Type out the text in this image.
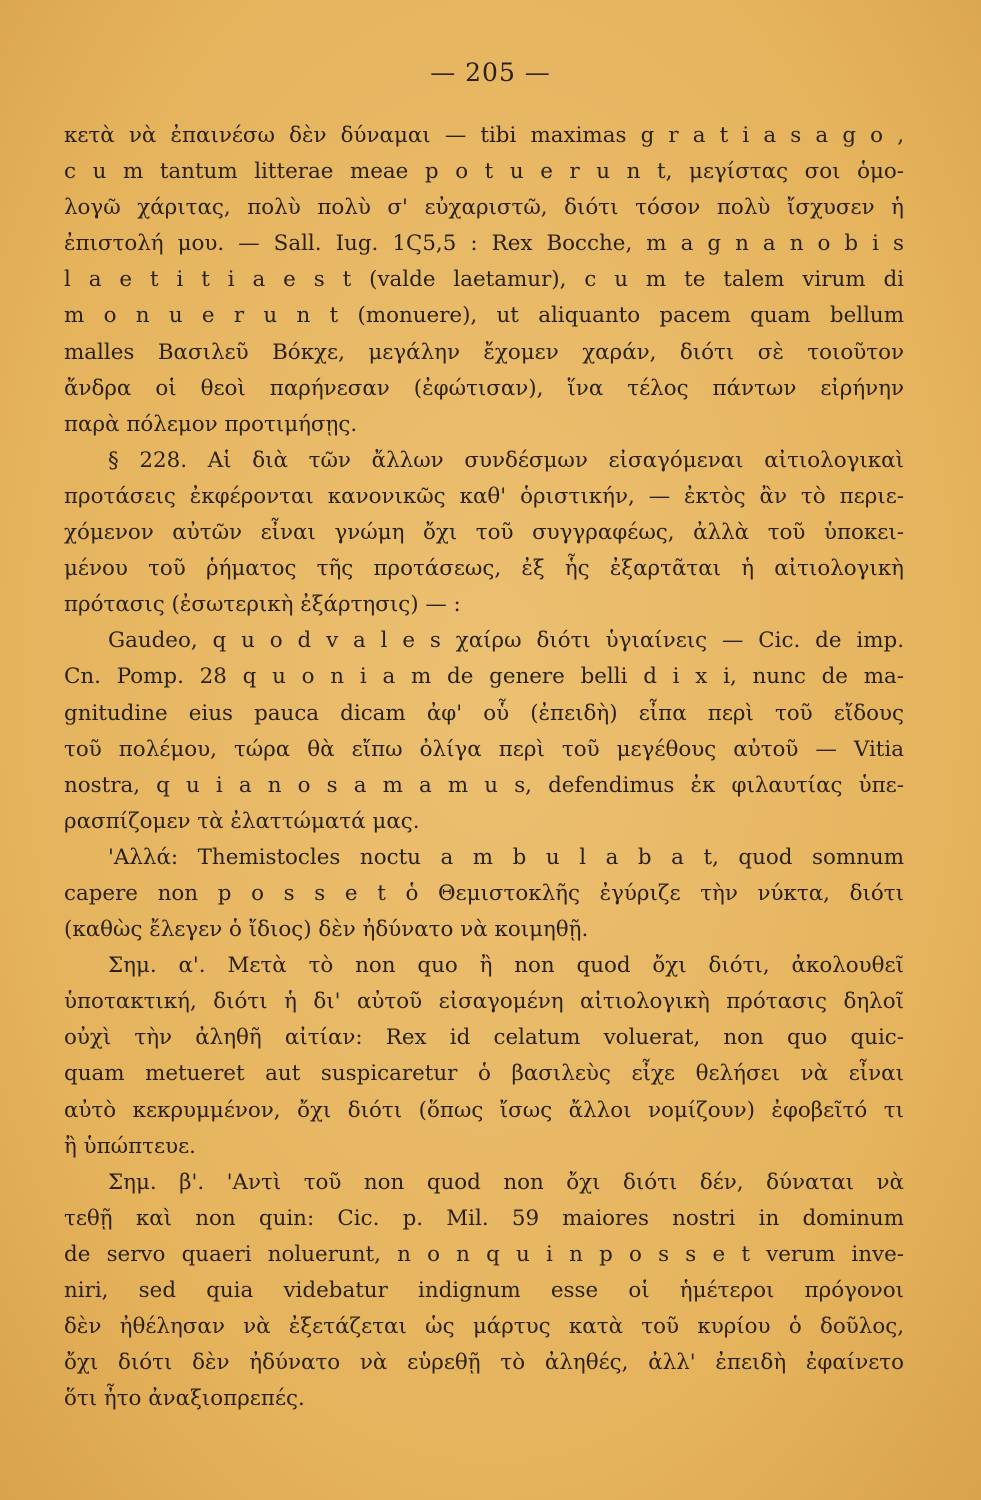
— 205 —
κετὰ νὰ ἐπαινέσω δὲν δύναμαι — tibi maximas g r a t i a s a g o ,
c u m tantum litterae meae p o t u e r u n t, μεγίστας σοι ὁμο-
λογῶ χάριτας, πολὺ πολὺ σ' εὐχαριστῶ, διότι τόσον πολὺ ἴσχυσεν ἡ
ἐπιστολή μου. — Sall. Iug. 1Ϛ5,5 : Rex Bocche, m a g n a n o b i s
l a e t i t i a e s t (valde laetamur), c u m te talem virum di
m o n u e r u n t (monuere), ut aliquanto pacem quam bellum
malles Βασιλεῦ Βόκχε, μεγάλην ἔχομεν χαράν, διότι σὲ τοιοῦτον
ἄνδρα οἱ θεοὶ παρήνεσαν (ἐφώτισαν), ἵνα τέλος πάντων εἰρήνην
παρὰ πόλεμον προτιμήσῃς.
§ 228. Αἱ διὰ τῶν ἄλλων συνδέσμων εἰσαγόμεναι αἰτιολογικαὶ
προτάσεις ἐκφέρονται κανονικῶς καθ' ὁριστικήν, — ἐκτὸς ἂν τὸ περιε-
χόμενον αὐτῶν εἶναι γνώμη ὄχι τοῦ συγγραφέως, ἀλλὰ τοῦ ὑποκει-
μένου τοῦ ῥήματος τῆς προτάσεως, ἐξ ἧς ἐξαρτᾶται ἡ αἰτιολογικὴ
πρότασις (ἐσωτερικὴ ἐξάρτησις) — :
Gaudeo, q u o d v a l e s χαίρω διότι ὑγιαίνεις — Cic. de imp.
Cn. Pomp. 28 q u o n i a m de genere belli d i x i, nunc de ma-
gnitudine eius pauca dicam ἀφ' οὗ (ἐπειδὴ) εἶπα περὶ τοῦ εἴδους
τοῦ πολέμου, τώρα θὰ εἴπω ὀλίγα περὶ τοῦ μεγέθους αὐτοῦ — Vitia
nostra, q u i a n o s a m a m u s, defendimus ἐκ φιλαυτίας ὑπε-
ρασπίζομεν τὰ ἐλαττώματά μας.
'Αλλά: Themistocles noctu a m b u l a b a t, quod somnum
capere non p o s s e t ὁ Θεμιστοκλῆς ἐγύριζε τὴν νύκτα, διότι
(καθὼς ἔλεγεν ὁ ἴδιος) δὲν ἠδύνατο νὰ κοιμηθῇ.
Σημ. α'. Μετὰ τὸ non quo ἢ non quod ὄχι διότι, ἀκολουθεῖ
ὑποτακτική, διότι ἡ δι' αὐτοῦ εἰσαγομένη αἰτιολογικὴ πρότασις δηλοῖ
οὐχὶ τὴν ἀληθῆ αἰτίαν: Rex id celatum voluerat, non quo quic-
quam metueret aut suspicaretur ὁ βασιλεὺς εἶχε θελήσει νὰ εἶναι
αὐτὸ κεκρυμμένον, ὄχι διότι (ὅπως ἴσως ἄλλοι νομίζουν) ἐφοβεῖτό τι
ἢ ὑπώπτευε.
Σημ. β'. 'Αντὶ τοῦ non quod non ὄχι διότι δέν, δύναται νὰ
τεθῇ καὶ non quin: Cic. p. Mil. 59 maiores nostri in dominum
de servo quaeri noluerunt, n o n q u i n p o s s e t verum inve-
niri, sed quia videbatur indignum esse οἱ ἡμέτεροι πρόγονοι
δὲν ἠθέλησαν νὰ ἐξετάζεται ὡς μάρτυς κατὰ τοῦ κυρίου ὁ δοῦλος,
ὄχι διότι δὲν ἠδύνατο νὰ εὑρεθῇ τὸ ἀληθές, ἀλλ' ἐπειδὴ ἐφαίνετο
ὅτι ἦτο ἀναξιοπρεπές.
